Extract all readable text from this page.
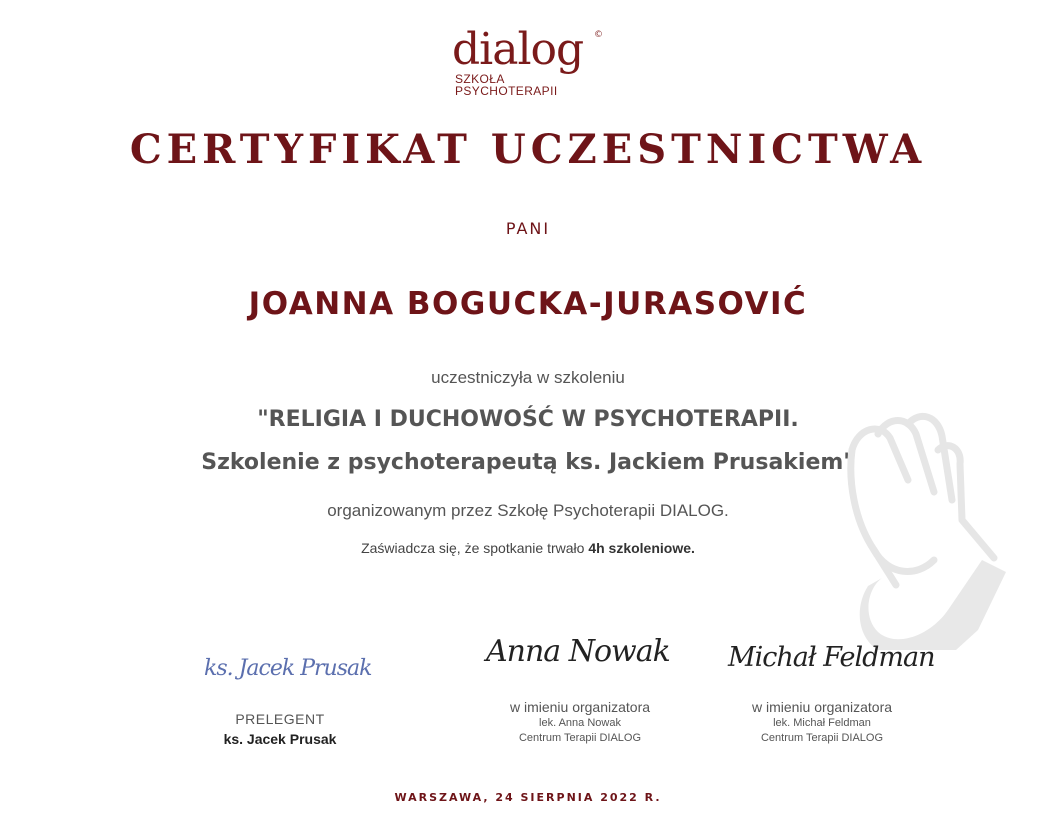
dialog ©
SZKOŁA
PSYCHOTERAPII
CERTYFIKAT UCZESTNICTWA
PANI
JOANNA BOGUCKA-JURASOVIĆ
uczestniczyła w szkoleniu
"RELIGIA I DUCHOWOŚĆ W PSYCHOTERAPII.
Szkolenie z psychoterapeutą ks. Jackiem Prusakiem"
organizowanym przez Szkołę Psychoterapii DIALOG.
Zaświadcza się, że spotkanie trwało 4h szkoleniowe.
ks. Jacek Prusak	Anna Nowak Michał Feldman
PRELEGENT
ks. Jacek Prusak
w imieniu organizatora
lek. Anna Nowak
Centrum Terapii DIALOG
w imieniu organizatora
lek. Michał Feldman
Centrum Terapii DIALOG
WARSZAWA, 24 SIERPNIA 2022 R.
